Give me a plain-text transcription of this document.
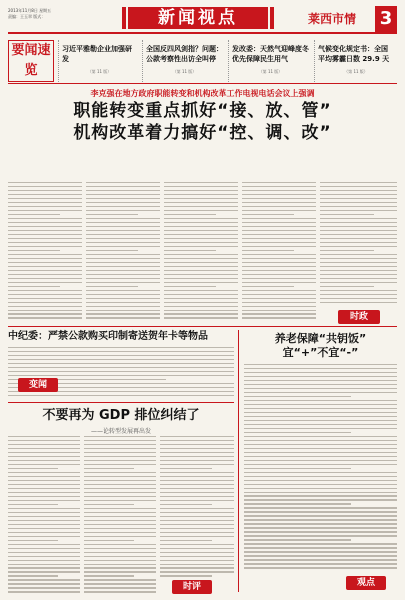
2013年11月8日 星期五
责编：王玉翠 版式：	新闻视点	莱西市情 3
要闻速览
习近平雅勒企业加强研发
（第 11 版）
全国反四风剑指？问题：公款考察性出访全叫停
（第 11 版）
发改委：天然气迎峰度冬优先保障民生用气
（第 11 版）
气候变化规定书：全国平均雾霾日数 29.9 天
（第 11 版）
李克强在地方政府职能转变和机构改革工作电视电话会议上强调
职能转变重点抓好“接、放、管”
机构改革着力搞好“控、调、改”
时政
中纪委：严禁公款购买印制寄送贺年卡等物品
变闻
养老保障“共钥饭”
宜“+”不宜“-”
观点
不要再为 GDP 排位纠结了
——论转型发展再出发
时评
